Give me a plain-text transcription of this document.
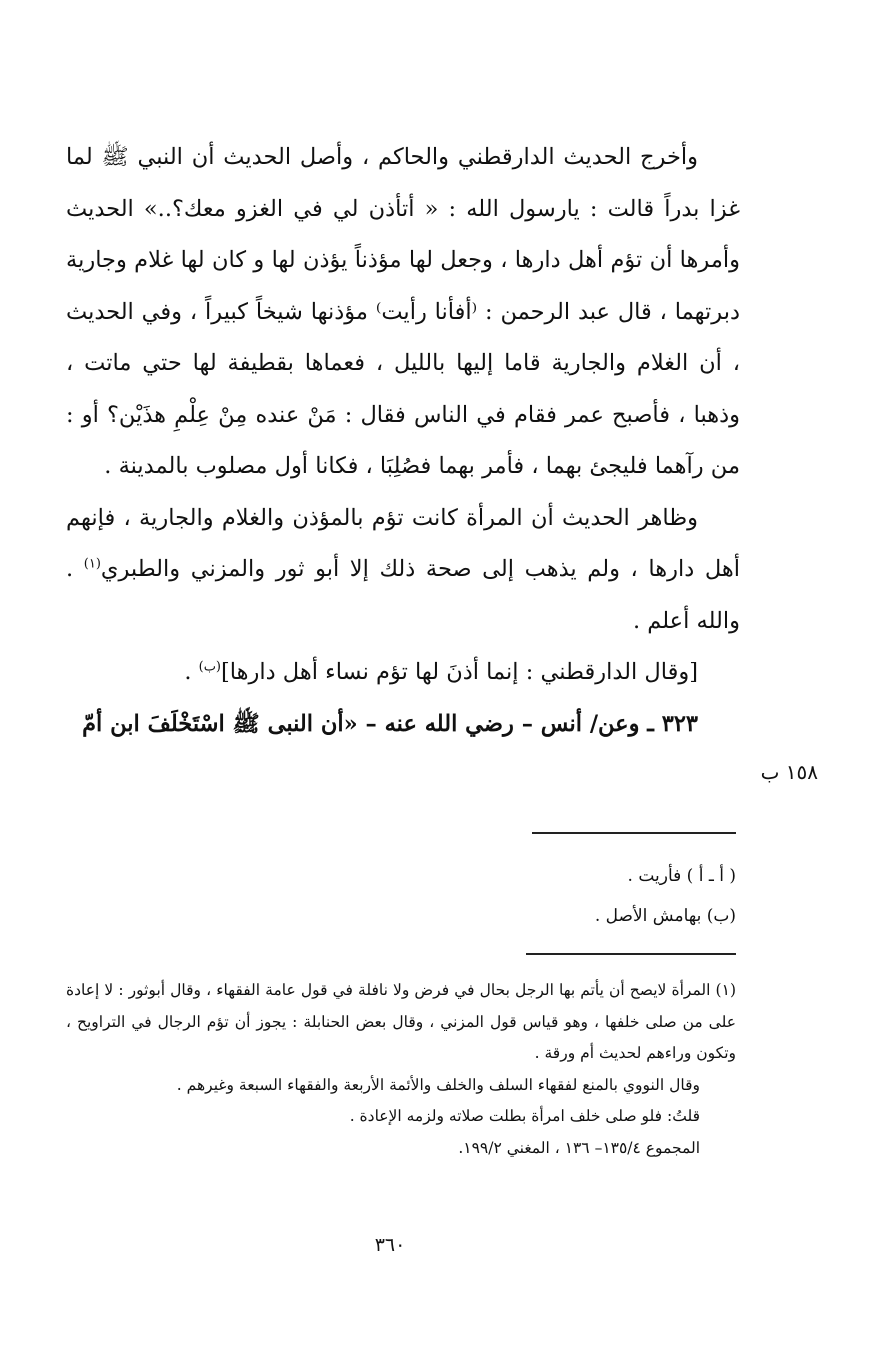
وأخرج الحديث الدارقطني والحاكم ، وأصل الحديث أن النبي ﷺ لما غزا بدراً قالت : يارسول الله : « أتأذن لي في الغزو معك؟..» الحديث وأمرها أن تؤم أهل دارها ، وجعل لها مؤذناً يؤذن لها و كان لها غلام وجارية دبرتهما ، قال عبد الرحمن : ⁽أفأنا رأيت⁾ مؤذنها شيخاً كبيراً ، وفي الحديث ، أن الغلام والجارية قاما إليها بالليل ، فعماها بقطيفة لها حتي ماتت ، وذهبا ، فأصبح عمر فقام في الناس فقال : مَنْ عنده مِنْ عِلْمِ هذَيْن؟ أو : من رآهما فليجئ بهما ، فأمر بهما فصُلِبَا ، فكانا أول مصلوب بالمدينة .

وظاهر الحديث أن المرأة كانت تؤم بالمؤذن والغلام والجارية ، فإنهم أهل دارها ، ولم يذهب إلى صحة ذلك إلا أبو ثور والمزني والطبري$^{(١)}$ . والله أعلم .

[وقال الدارقطني : إنما أذنَ لها تؤم نساء أهل دارها]$^{(ب)}$ .

٣٢٣ ـ وعن/ أنس – رضي الله عنه – «أن النبى ﷺ اسْتَخْلَفَ ابن أمّ

١٥٨ ب
( أ ـ أ ) فأريت .
(ب) بهامش الأصل .

(١) المرأة لايصح أن يأتم بها الرجل بحال في فرض ولا نافلة في قول عامة الفقهاء ، وقال أبوثور : لا إعادة على من صلى خلفها ، وهو قياس قول المزني ، وقال بعض الحنابلة : يجوز أن تؤم الرجال في التراويح ، وتكون وراءهم لحديث أم ورقة .

وقال النووي بالمنع لفقهاء السلف والخلف والأئمة الأربعة والفقهاء السبعة وغيرهم .

قلتُ: فلو صلى خلف امرأة بطلت صلاته ولزمه الإعادة .

المجموع ١٣٥/٤– ١٣٦ ، المغني ١٩٩/٢.

٣٦٠
